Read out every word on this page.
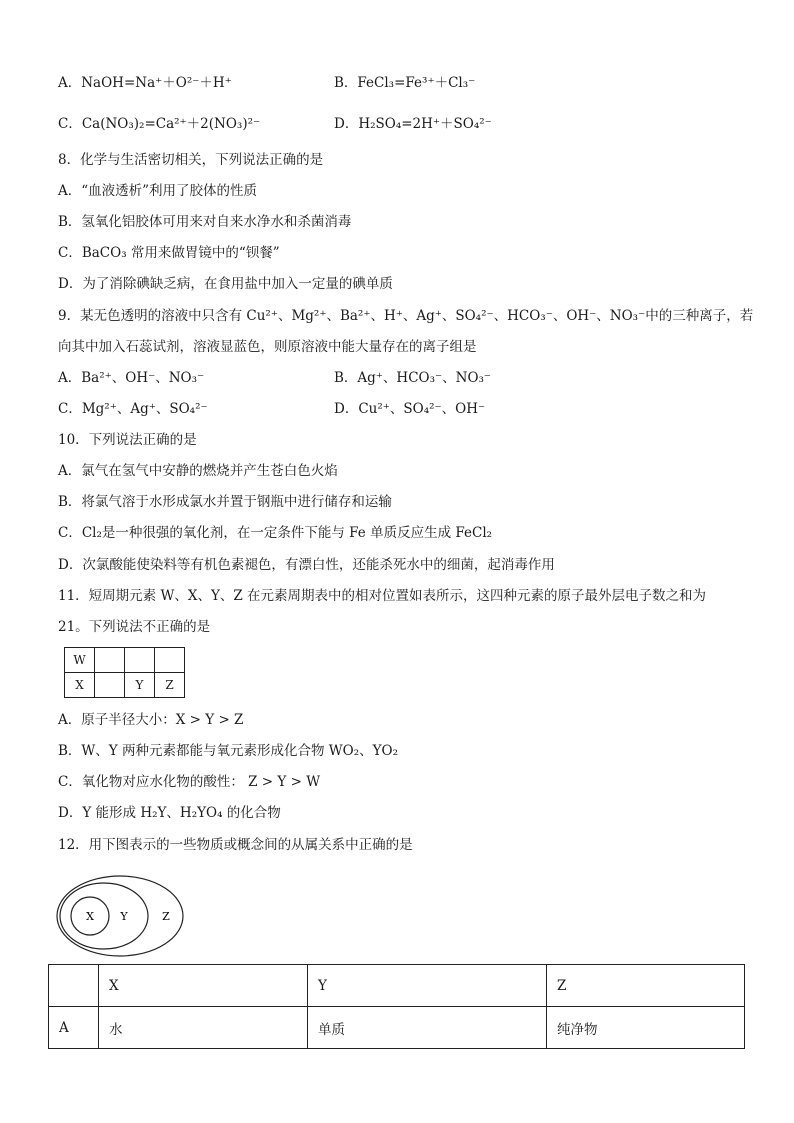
A．NaOH=Na⁺＋O²⁻＋H⁺	B．FeCl₃=Fe³⁺＋Cl₃⁻
C．Ca(NO₃)₂=Ca²⁺＋2(NO₃)²⁻	D．H₂SO₄=2H⁺＋SO₄²⁻
8．化学与生活密切相关，下列说法正确的是
A．“血液透析”利用了胶体的性质
B．氢氧化铝胶体可用来对自来水净水和杀菌消毒
C．BaCO₃ 常用来做胃镜中的“钡餐”
D．为了消除碘缺乏病，在食用盐中加入一定量的碘单质
9．某无色透明的溶液中只含有 Cu²⁺、Mg²⁺、Ba²⁺、H⁺、Ag⁺、SO₄²⁻、HCO₃⁻、OH⁻、NO₃⁻中的三种离子，若
向其中加入石蕊试剂，溶液显蓝色，则原溶液中能大量存在的离子组是
A．Ba²⁺、OH⁻、NO₃⁻	B．Ag⁺、HCO₃⁻、NO₃⁻
C．Mg²⁺、Ag⁺、SO₄²⁻	D．Cu²⁺、SO₄²⁻、OH⁻
10．下列说法正确的是
A．氯气在氢气中安静的燃烧并产生苍白色火焰
B．将氯气溶于水形成氯水并置于钢瓶中进行储存和运输
C．Cl₂是一种很强的氧化剂，在一定条件下能与 Fe 单质反应生成 FeCl₂
D．次氯酸能使染料等有机色素褪色，有漂白性，还能杀死水中的细菌，起消毒作用
11．短周期元素 W、X、Y、Z 在元素周期表中的相对位置如表所示，这四种元素的原子最外层电子数之和为
21。下列说法不正确的是
W			
X		Y	Z
A．原子半径大小：X > Y > Z
B．W、Y 两种元素都能与氧元素形成化合物 WO₂、YO₂
C．氧化物对应水化物的酸性： Z > Y > W
D．Y 能形成 H₂Y、H₂YO₄ 的化合物
12．用下图表示的一些物质或概念间的从属关系中正确的是
X Y	Z
	X	Y	Z
A	水	单质	纯净物
